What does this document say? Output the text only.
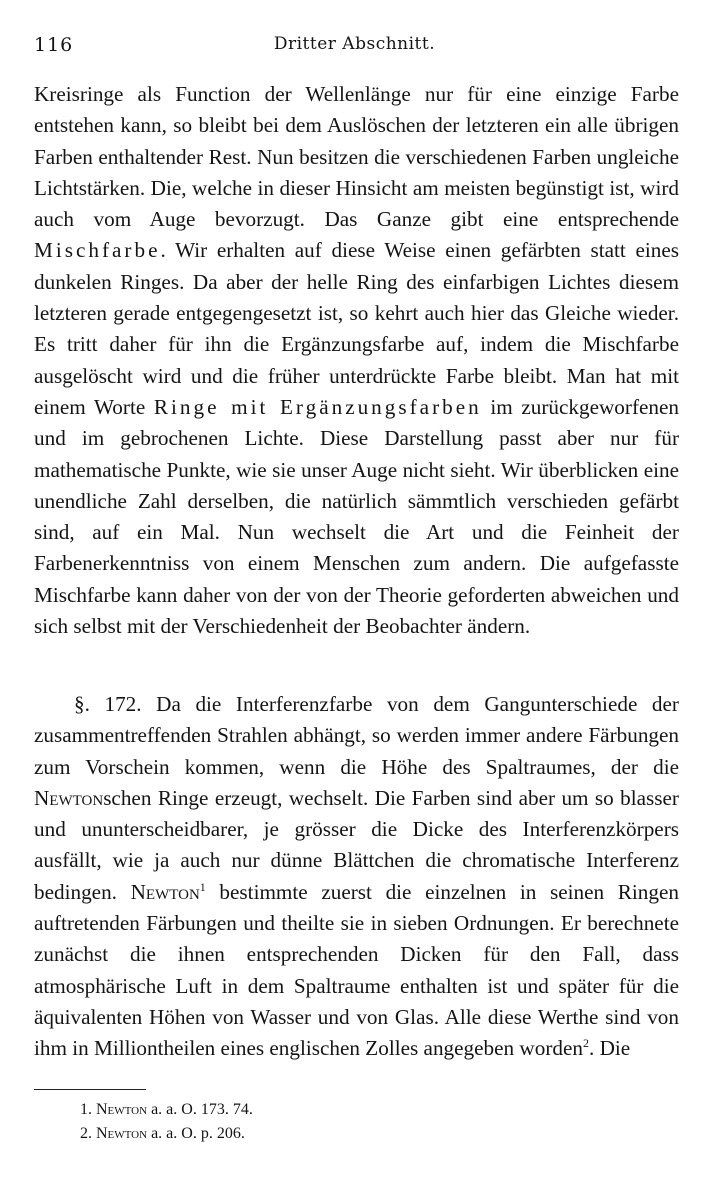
116	Dritter Abschnitt.

Kreisringe als Function der Wellenlänge nur für eine einzige Farbe entstehen kann, so bleibt bei dem Auslöschen der letzteren ein alle übrigen Farben enthaltender Rest. Nun besitzen die verschiedenen Farben ungleiche Lichtstärken. Die, welche in dieser Hinsicht am meisten begünstigt ist, wird auch vom Auge bevorzugt. Das Ganze gibt eine entsprechende Mischfarbe. Wir erhalten auf diese Weise einen gefärbten statt eines dunkelen Ringes. Da aber der helle Ring des einfarbigen Lichtes diesem letzteren gerade entgegengesetzt ist, so kehrt auch hier das Gleiche wieder. Es tritt daher für ihn die Ergänzungsfarbe auf, indem die Mischfarbe ausgelöscht wird und die früher unterdrückte Farbe bleibt. Man hat mit einem Worte Ringe mit Ergänzungsfarben im zurückgeworfenen und im gebrochenen Lichte. Diese Darstellung passt aber nur für mathematische Punkte, wie sie unser Auge nicht sieht. Wir überblicken eine unendliche Zahl derselben, die natürlich sämmtlich verschieden gefärbt sind, auf ein Mal. Nun wechselt die Art und die Feinheit der Farbenerkenntniss von einem Menschen zum andern. Die aufgefasste Mischfarbe kann daher von der von der Theorie geforderten abweichen und sich selbst mit der Verschiedenheit der Beobachter ändern.

§. 172. Da die Interferenzfarbe von dem Gangunterschiede der zusammentreffenden Strahlen abhängt, so werden immer andere Färbungen zum Vorschein kommen, wenn die Höhe des Spaltraumes, der die Newtonschen Ringe erzeugt, wechselt. Die Farben sind aber um so blasser und ununterscheidbarer, je grösser die Dicke des Interferenzkörpers ausfällt, wie ja auch nur dünne Blättchen die chromatische Interferenz bedingen. Newton$^1$ bestimmte zuerst die einzelnen in seinen Ringen auftretenden Färbungen und theilte sie in sieben Ordnungen. Er berechnete zunächst die ihnen entsprechenden Dicken für den Fall, dass atmosphärische Luft in dem Spaltraume enthalten ist und später für die äquivalenten Höhen von Wasser und von Glas. Alle diese Werthe sind von ihm in Milliontheilen eines englischen Zolles angegeben worden$^2$. Die

1. Newton a. a. O. 173. 74.
2. Newton a. a. O. p. 206.
